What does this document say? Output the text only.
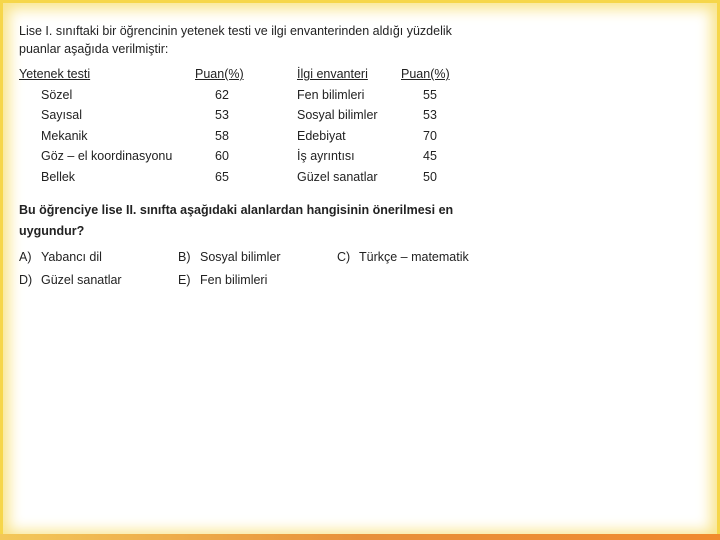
Lise I. sınıftaki bir öğrencinin yetenek testi ve ilgi envanterinden aldığı yüzdelik puanlar aşağıda verilmiştir:

Yetenek testi	Puan(%)	İlgi envanteri	Puan(%)
Sözel	62	Fen bilimleri	55
Sayısal	53	Sosyal bilimler	53
Mekanik	58	Edebiyat	70
Göz – el koordinasyonu	60	İş ayrıntısı	45
Bellek	65	Güzel sanatlar	50

Bu öğrenciye lise II. sınıfta aşağıdaki alanlardan hangisinin önerilmesi en uygundur?

A) Yabancı dil	B) Sosyal bilimler	C) Türkçe – matematik
D) Güzel sanatlar	E) Fen bilimleri
